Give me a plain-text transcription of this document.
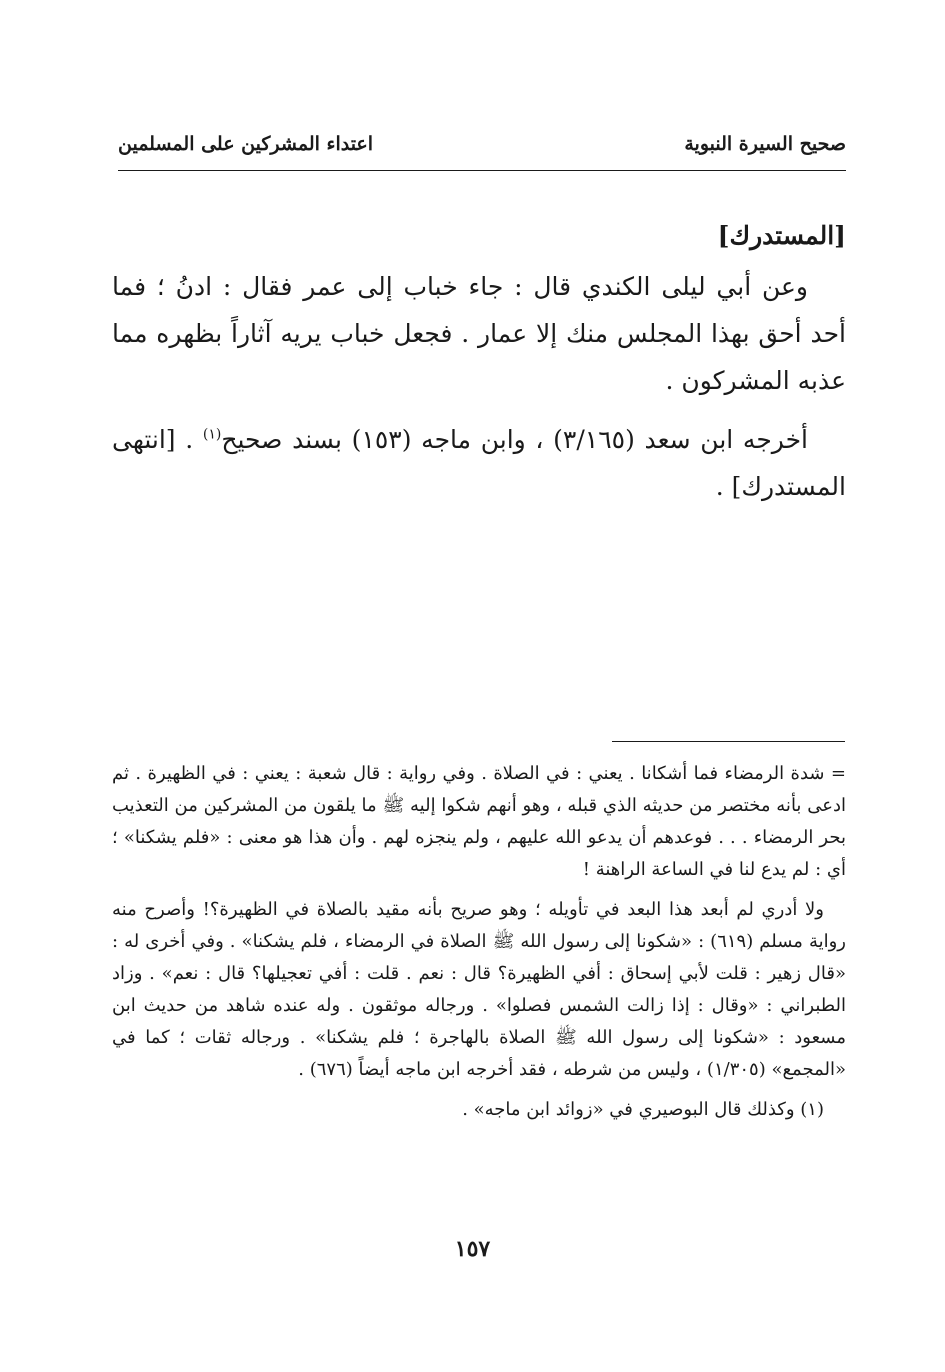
صحيح السيرة النبوية
اعتداء المشركين على المسلمين

[المستدرك]

وعن أبي ليلى الكندي قال : جاء خباب إلى عمر فقال : ادنُ ؛ فما أحد أحق بهذا المجلس منك إلا عمار . فجعل خباب يريه آثاراً بظهره مما عذبه المشركون .

أخرجه ابن سعد (٣/١٦٥) ، وابن ماجه (١٥٣) بسند صحيح$^{(١)}$ . [انتهى المستدرك] .

= شدة الرمضاء فما أشكانا . يعني : في الصلاة . وفي رواية : قال شعبة : يعني : في الظهيرة . ثم ادعى بأنه مختصر من حديثه الذي قبله ، وهو أنهم شكوا إليه ﷺ ما يلقون من المشركين من التعذيب بحر الرمضاء . . . فوعدهم أن يدعو الله عليهم ، ولم ينجزه لهم . وأن هذا هو معنى : «فلم يشكنا» ؛ أي : لم يدع لنا في الساعة الراهنة !

ولا أدري لم أبعد هذا البعد في تأويله ؛ وهو صريح بأنه مقيد بالصلاة في الظهيرة؟! وأصرح منه رواية مسلم (٦١٩) : «شكونا إلى رسول الله ﷺ الصلاة في الرمضاء ، فلم يشكنا» . وفي أخرى له : «قال زهير : قلت لأبي إسحاق : أفي الظهيرة؟ قال : نعم . قلت : أفي تعجيلها؟ قال : نعم» . وزاد الطبراني : «وقال : إذا زالت الشمس فصلوا» . ورجاله موثقون . وله عنده شاهد من حديث ابن مسعود : «شكونا إلى رسول الله ﷺ الصلاة بالهاجرة ؛ فلم يشكنا» . ورجاله ثقات ؛ كما في «المجمع» (١/٣٠٥) ، وليس من شرطه ، فقد أخرجه ابن ماجه أيضاً (٦٧٦) .

(١) وكذلك قال البوصيري في «زوائد ابن ماجه» .

١٥٧
